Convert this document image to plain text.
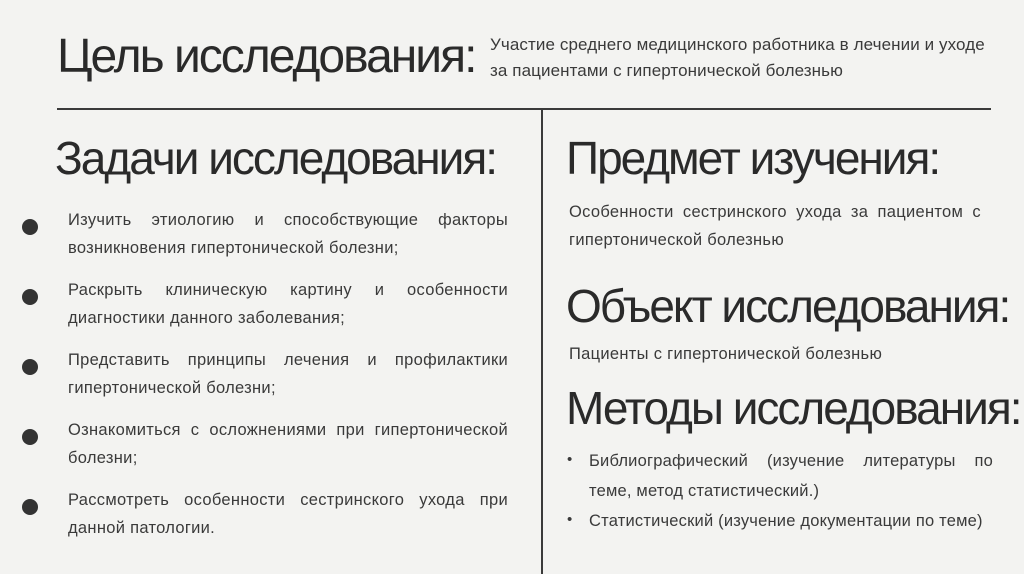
Цель исследования: Участие среднего медицинского работника в лечении и уходе за пациентами с гипертонической болезнью
Задачи исследования:
Изучить этиологию и способствующие факторы возникновения гипертонической болезни;
Раскрыть клиническую картину и особенности диагностики данного заболевания;
Представить принципы лечения и профилактики гипертонической болезни;
Ознакомиться с осложнениями при гипертонической болезни;
Рассмотреть особенности сестринского ухода при данной патологии.
Предмет изучения:
Особенности сестринского ухода за пациентом с гипертонической болезнью
Объект исследования:
Пациенты с гипертонической болезнью
Методы исследования:
• Библиографический (изучение литературы по теме, метод статистический.)
• Статистический (изучение документации по теме)
